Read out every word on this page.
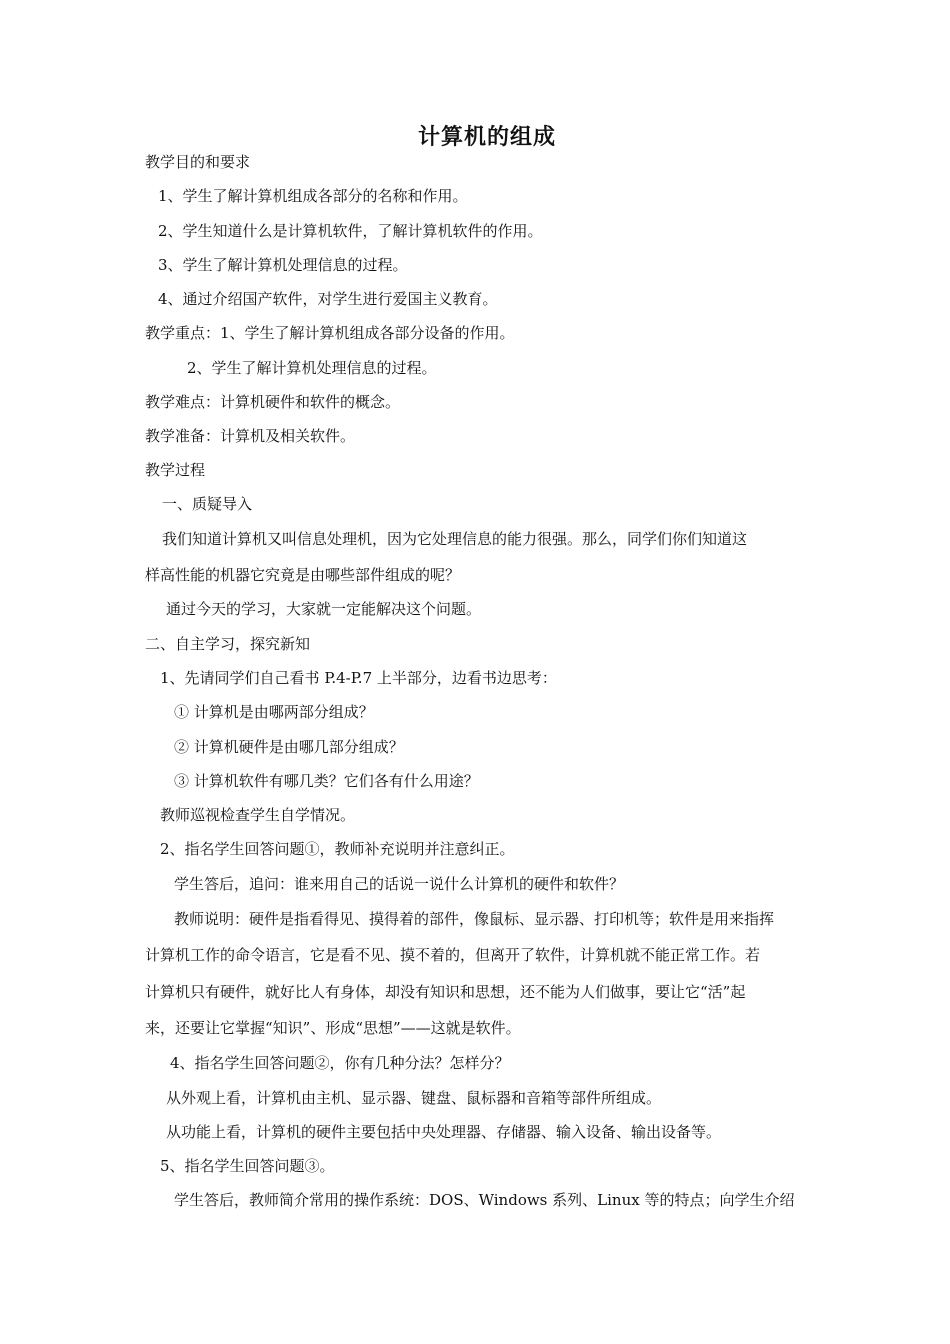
计算机的组成
教学目的和要求
1、学生了解计算机组成各部分的名称和作用。
2、学生知道什么是计算机软件，了解计算机软件的作用。
3、学生了解计算机处理信息的过程。
4、通过介绍国产软件，对学生进行爱国主义教育。
教学重点：1、学生了解计算机组成各部分设备的作用。
2、学生了解计算机处理信息的过程。
教学难点：计算机硬件和软件的概念。
教学准备：计算机及相关软件。
教学过程
一、质疑导入
我们知道计算机又叫信息处理机，因为它处理信息的能力很强。那么，同学们你们知道这
样高性能的机器它究竟是由哪些部件组成的呢？
通过今天的学习，大家就一定能解决这个问题。
二、自主学习，探究新知
1、先请同学们自己看书 P.4-P.7 上半部分，边看书边思考：
① 计算机是由哪两部分组成？
② 计算机硬件是由哪几部分组成？
③ 计算机软件有哪几类？它们各有什么用途？
教师巡视检查学生自学情况。
2、指名学生回答问题①，教师补充说明并注意纠正。
学生答后，追问：谁来用自己的话说一说什么计算机的硬件和软件？
教师说明：硬件是指看得见、摸得着的部件，像鼠标、显示器、打印机等；软件是用来指挥
计算机工作的命令语言，它是看不见、摸不着的，但离开了软件，计算机就不能正常工作。若
计算机只有硬件，就好比人有身体，却没有知识和思想，还不能为人们做事，要让它“活”起
来，还要让它掌握“知识”、形成“思想”——这就是软件。
4、指名学生回答问题②，你有几种分法？怎样分？
从外观上看，计算机由主机、显示器、键盘、鼠标器和音箱等部件所组成。
从功能上看，计算机的硬件主要包括中央处理器、存储器、输入设备、输出设备等。
5、指名学生回答问题③。
学生答后，教师简介常用的操作系统：DOS、Windows 系列、Linux 等的特点；向学生介绍
